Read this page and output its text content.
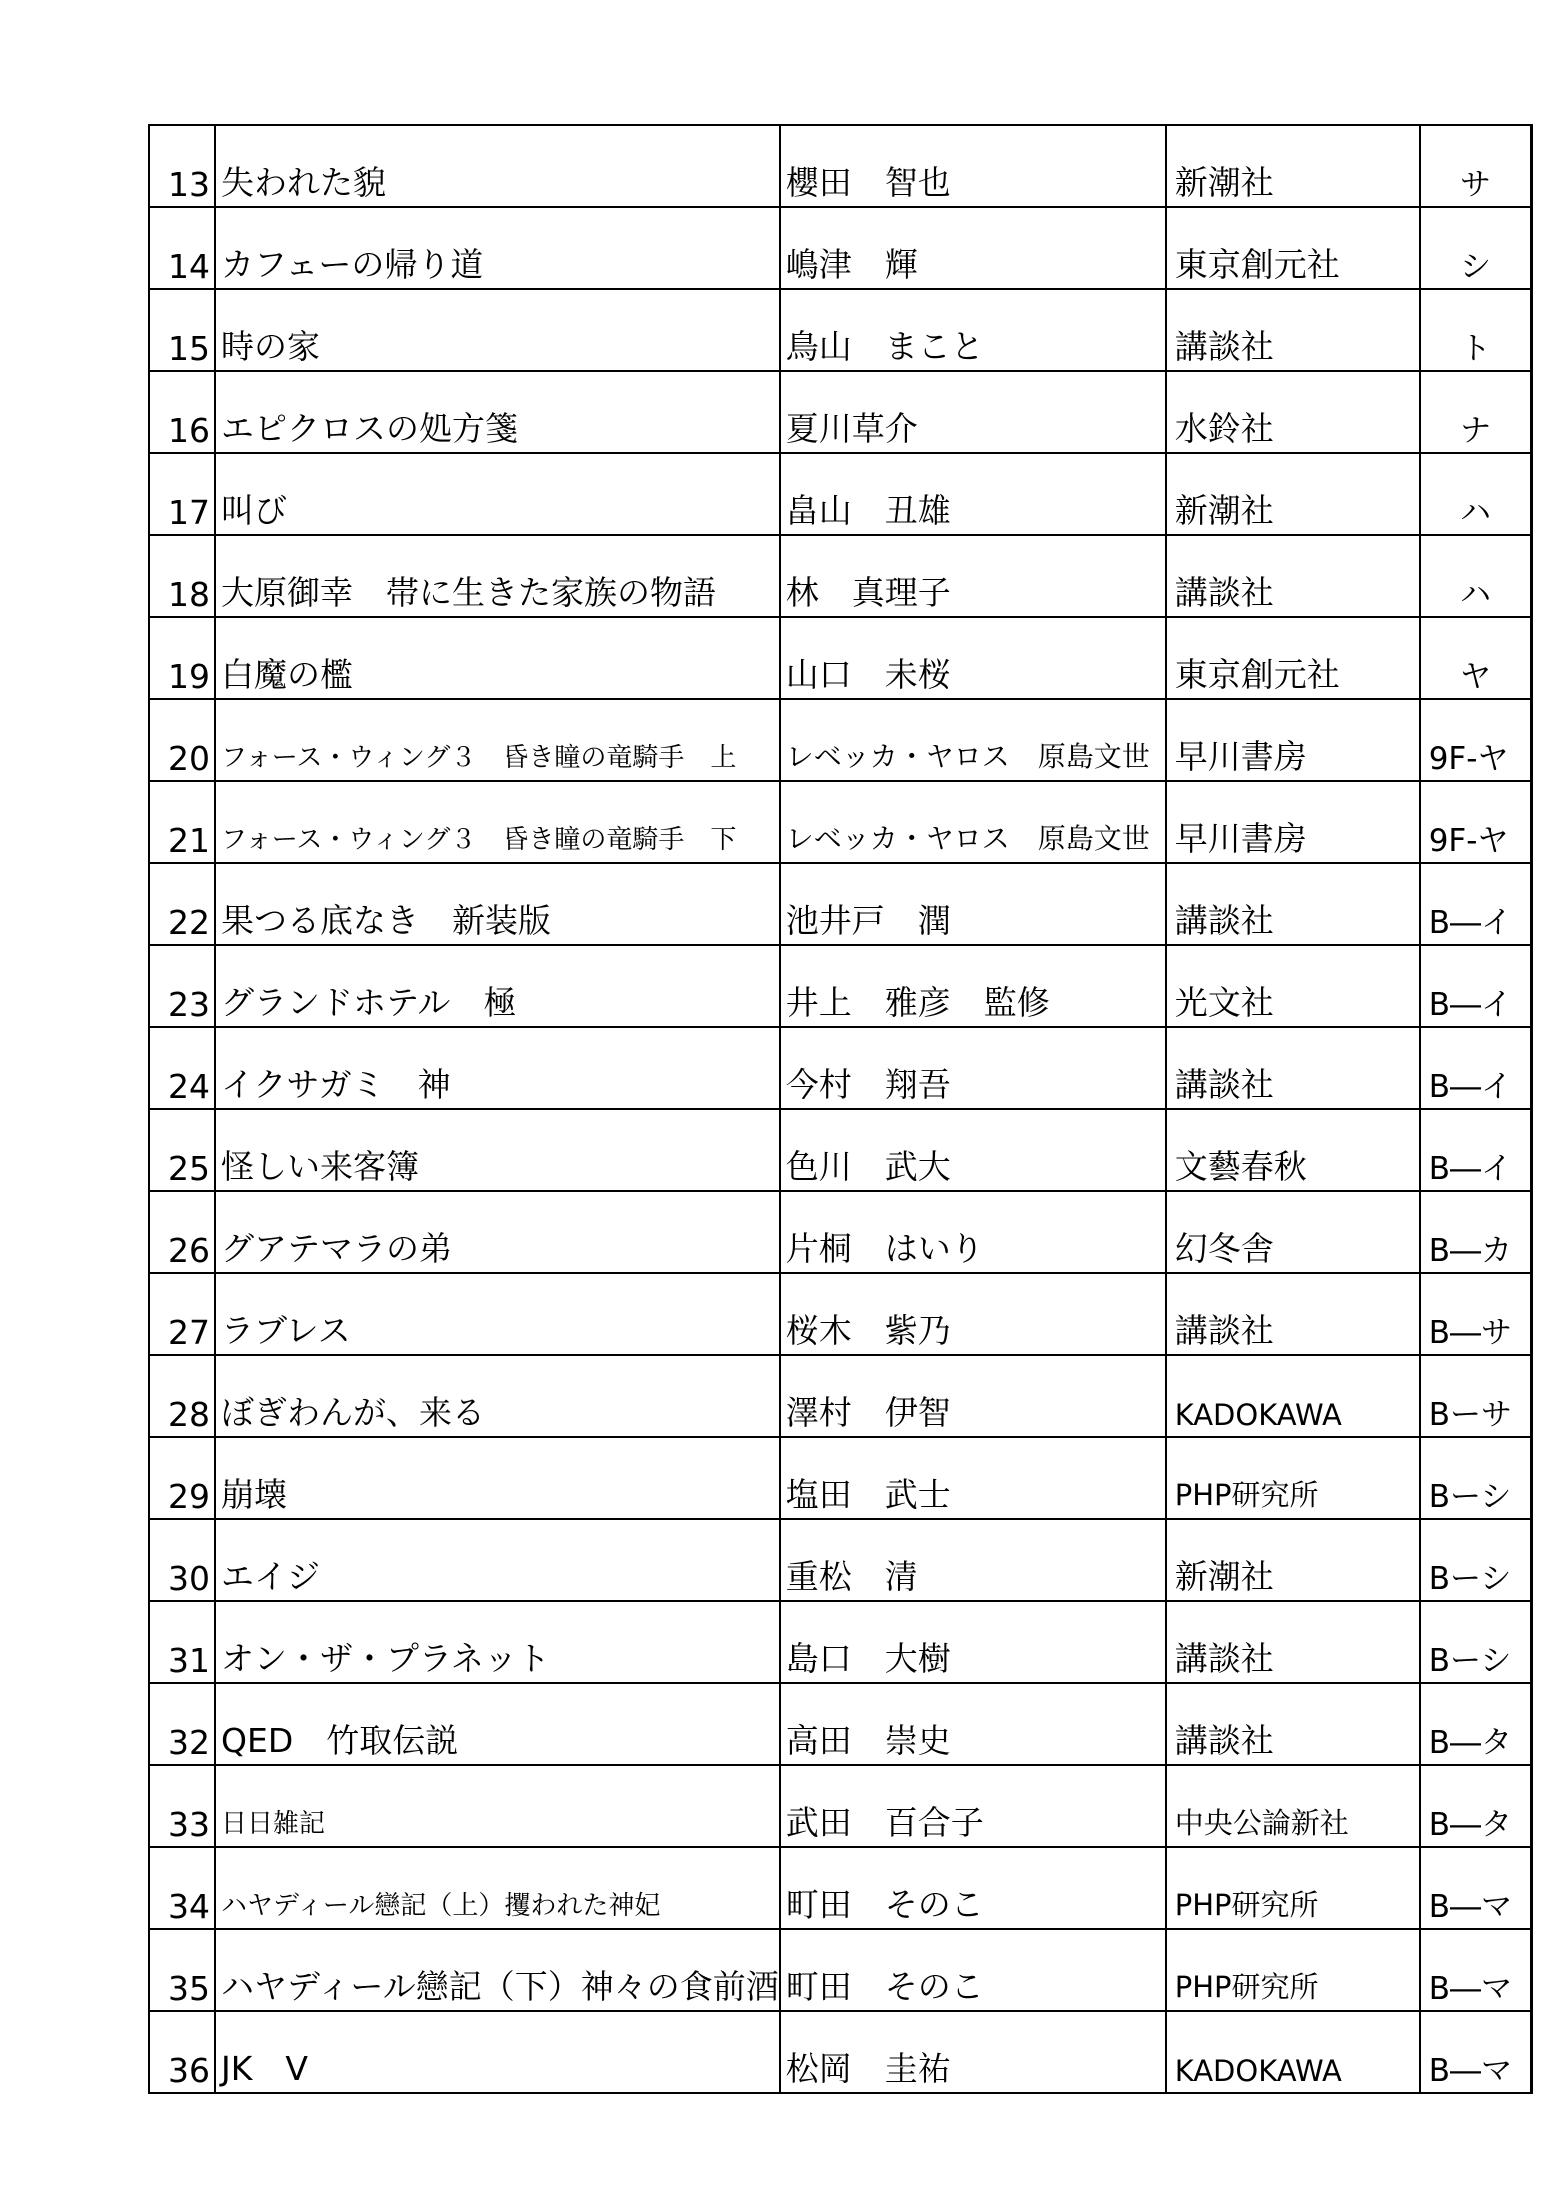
13	失われた貌	櫻田　智也	新潮社	サ
14	カフェーの帰り道	嶋津　輝	東京創元社	シ
15	時の家	鳥山　まこと	講談社	ト
16	エピクロスの処方箋	夏川草介	水鈴社	ナ
17	叫び	畠山　丑雄	新潮社	ハ
18	大原御幸　帯に生きた家族の物語	林　真理子	講談社	ハ
19	白魔の檻	山口　未桜	東京創元社	ヤ
20	フォース・ウィング３　昏き瞳の竜騎手　上	レベッカ・ヤロス　原島文世	早川書房	9F-ヤ
21	フォース・ウィング３　昏き瞳の竜騎手　下	レベッカ・ヤロス　原島文世	早川書房	9F-ヤ
22	果つる底なき　新装版	池井戸　潤	講談社	B―イ
23	グランドホテル　極	井上　雅彦　監修	光文社	B―イ
24	イクサガミ　神	今村　翔吾	講談社	B―イ
25	怪しい来客簿	色川　武大	文藝春秋	B―イ
26	グアテマラの弟	片桐　はいり	幻冬舎	B―カ
27	ラブレス	桜木　紫乃	講談社	B―サ
28	ぼぎわんが、来る	澤村　伊智	KADOKAWA	Bーサ
29	崩壊	塩田　武士	PHP研究所	Bーシ
30	エイジ	重松　清	新潮社	Bーシ
31	オン・ザ・プラネット	島口　大樹	講談社	Bーシ
32	QED　竹取伝説	高田　崇史	講談社	B―タ
33	日日雑記	武田　百合子	中央公論新社	B―タ
34	ハヤディール戀記（上）攫われた神妃	町田　そのこ	PHP研究所	B―マ
35	ハヤディール戀記（下）神々の食前酒	町田　そのこ	PHP研究所	B―マ
36	JK　Ⅴ	松岡　圭祐	KADOKAWA	B―マ
